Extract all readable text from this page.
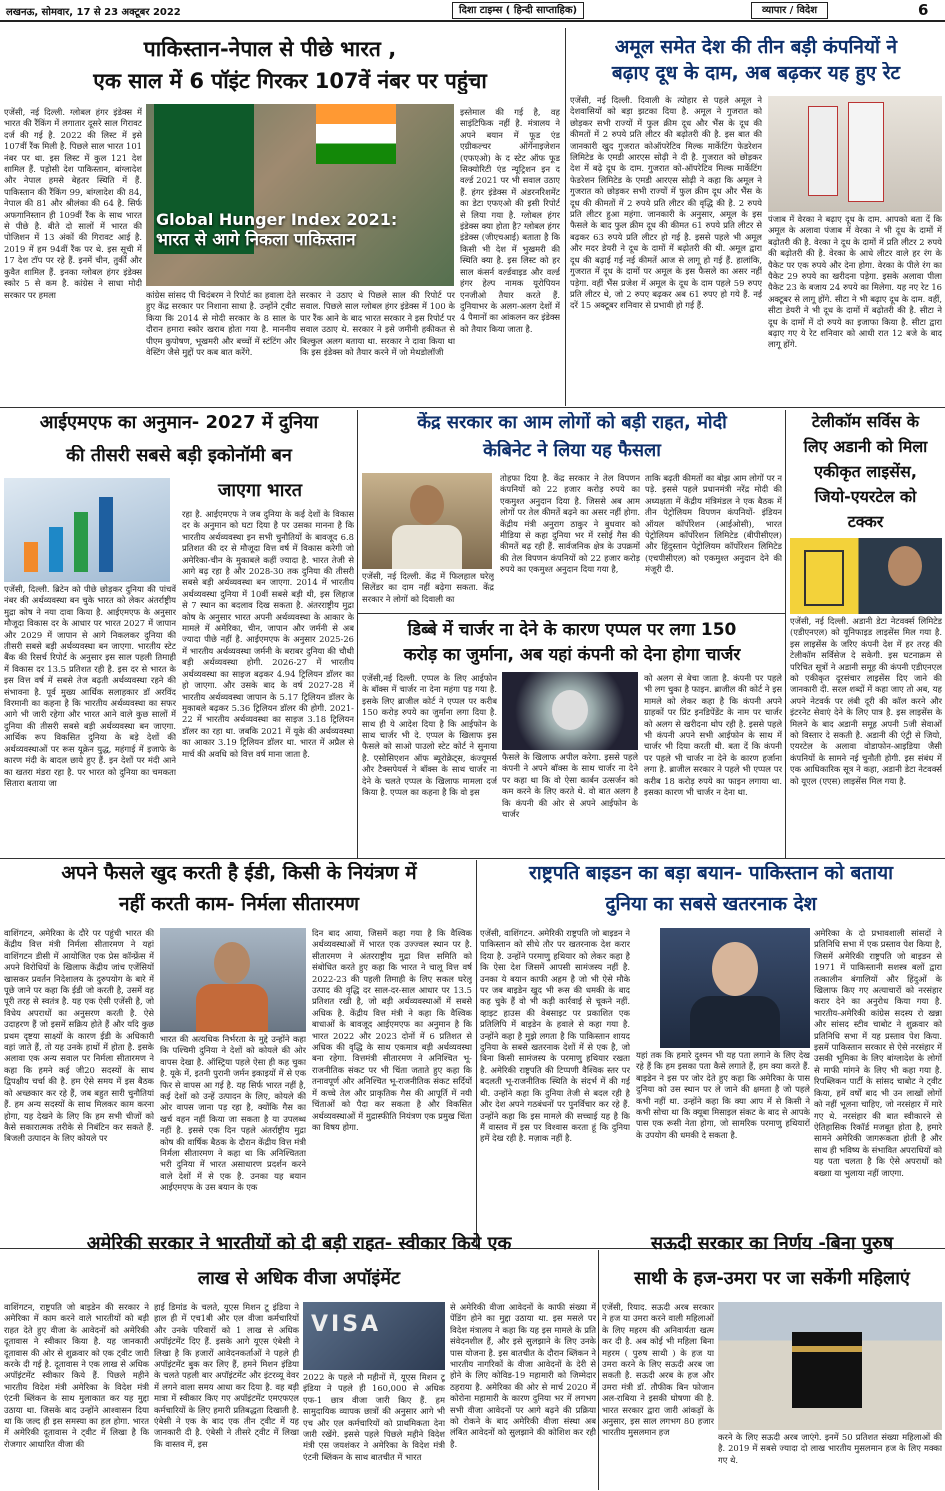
लखनऊ, सोमवार, 17 से 23 अक्टूबर 2022	दिशा टाइम्स ( हिन्दी साप्ताहिक)	व्यापार / विदेश	6
पाकिस्तान-नेपाल से पीछे भारत ,
एक साल में 6 पॉइंट गिरकर 107वें नंबर पर पहुंचा
एजेंसी, नई दिल्ली. ग्लोबल हंगर इंडेक्स में भारत की रैंकिंग में लगातार दूसरे साल गिरावट दर्ज की गई है. 2022 की लिस्ट में इसे 107वीं रैंक मिली है. पिछले साल भारत 101 नंबर पर था. इस लिस्ट में कुल 121 देश शामिल हैं. पड़ोसी देश पाकिस्तान, बांग्लादेश और नेपाल हमसे बेहतर स्थिति में हैं. पाकिस्तान की रैंकिंग 99, बांग्लादेश की 84, नेपाल की 81 और श्रीलंका की 64 है. सिर्फ अफगानिस्तान ही 109वीं रैंक के साथ भारत से पीछे है. बीते दो सालों में भारत की पोजिशन में 13 अंकों की गिरावट आई है. 2019 में हम 94वीं रैंक पर थे. इस सूची में 17 देश टॉप पर रहे हैं. इनमें चीन, तुर्की और कुवैत शामिल हैं. इनका ग्लोबल हंगर इंडेक्स स्कोर 5 से कम है. कांग्रेस ने साधा मोदी सरकार पर हमला
भारत से आगे निकला पाकिस्तान
Global Hunger Index 2021:
कांग्रेस सांसद पी चिदंबरम ने रिपोर्ट का हवाला देते हुए केंद्र सरकार पर निशाना साधा है. उन्होंने ट्वीट किया कि 2014 से मोदी सरकार के 8 साल के दौरान हमारा स्कोर खराब होता गया है. माननीय पीएम कुपोषण, भूखमरी और बच्चों में स्टंटिंग और वेस्टिंग जैसे मुद्दों पर कब बात करेंगे.
सरकार ने उठाए थे पिछले साल की रिपोर्ट पर सवाल. पिछले साल ग्लोबल हंगर इंडेक्स में 100 के पार रैंक आने के बाद भारत सरकार ने इस रिपोर्ट पर सवाल उठाए थे. सरकार ने इसे जमीनी हकीकत से बिल्कुल अलग बताया था. सरकार ने दावा किया था कि इस इंडेक्स को तैयार करने में जो मेथडोलॉजी
इस्तेमाल की गई है, वह साइंटिफिक नहीं है. मंत्रालय ने अपने बयान में फूड एंड एग्रीकल्चर ऑर्गेनाइजेशन (एफएओ) के द स्टेट ऑफ फूड सिक्योरिटी एंड न्यूट्रिशन इन द वर्ल्ड 2021 पर भी सवाल उठाए हैं. हंगर इंडेक्स में अंडरनरिशमेंट का डेटा एफएओ की इसी रिपोर्ट से लिया गया है. ग्लोबल हंगर इंडेक्स क्या होता है? ग्लोबल हंगर इंडेक्स (जीएचआई) बताता है कि किसी भी देश में भुखमरी की स्थिति क्या है. इस लिस्ट को हर साल कंसर्न वर्ल्डवाइड और वर्ल्ड हंगर हेल्प नामक यूरोपियन एनजीओ तैयार करते हैं. दुनियाभर के अलग-अलग देशों में 4 पैमानों का आंकलन कर इंडेक्स को तैयार किया जाता है.
अमूल समेत देश की तीन बड़ी कंपनियों ने
बढ़ाए दूध के दाम, अब बढ़कर यह हुए रेट
एजेंसी, नई दिल्ली. दिवाली के त्योहार से पहले अमूल ने देशवासियों को बड़ा झटका दिया है. अमूल ने गुजरात को छोड़कर सभी राज्यों में फुल क्रीम दूध और भैंस के दूध की कीमतों में 2 रुपये प्रति लीटर की बढ़ोतरी की है. इस बात की जानकारी खुद गुजरात कोऑपरेटिव मिल्क मार्केटिंग फेडरेशन लिमिटेड के एमडी आरएस सोढ़ी ने दी है. गुजरात को छोड़कर देश में बढ़े दूध के दाम. गुजरात को-ऑपरेटिव मिल्क मार्केटिंग फेडरेशन लिमिटेड के एमडी आरएस सोढ़ी ने कहा कि अमूल ने गुजरात को छोड़कर सभी राज्यों में फुल क्रीम दूध और भैंस के दूध की कीमतों में 2 रुपये प्रति लीटर की वृद्धि की है. 2 रुपये प्रति लीटर हुआ महंगा. जानकारी के अनुसार, अमूल के इस फैसले के बाद फुल क्रीम दूध की कीमत 61 रुपये प्रति लीटर से बढ़कर 63 रुपये प्रति लीटर हो गई है. इससे पहले भी अमूल और मदर डेयरी ने दूध के दामों में बढ़ोतरी की थी. अमूल द्वारा दूध की बढ़ाई गई नई कीमतें आज से लागू हो गई हैं. हालांकि, गुजरात में दूध के दामों पर अमूल के इस फैसले का असर नहीं पड़ेगा. वहीं भैंस प्रजेश में अमूल के दूध के दाम पहले 59 रुपए प्रति लीटर थे, जो 2 रुपए बढ़कर अब 61 रुपए हो गये हैं. नई दरें 15 अक्टूबर शनिवार से प्रभावी हो गई हैं.
पंजाब में वेरका ने बढ़ाए दूध के दाम. आपको बता दें कि अमूल के अलावा पंजाब में वेरका ने भी दूध के दामों में बढ़ोतरी की है. वेरका ने दूध के दामों में प्रति लीटर 2 रुपये की बढ़ोतरी की है. वेरका के आधे लीटर वाले हर रंग के पैकेट पर एक रुपये और देना होगा. वेरका के पीले रंग का पैकेट 29 रुपये का खरीदना पड़ेगा. इसके अलावा पीला पैकेट 23 के बजाय 24 रुपये का मिलेगा. यह नए रेट 16 अक्टूबर से लागू होंगे. सीटा ने भी बढ़ाए दूध के दाम. वहीं, सीटा डेयरी ने भी दूध के दामों में बढ़ोतरी की है. सीटा ने दूध के दामों में दो रुपये का इजाफा किया है. सीटा द्वारा बढ़ाए गए ये रेट शनिवार को आधी रात 12 बजे के बाद लागू होंगे.
आईएमएफ का अनुमान- 2027 में दुनिया
की तीसरी सबसे बड़ी इकोनॉमी बन
जाएगा भारत
एजेंसी, दिल्ली. ब्रिटेन को पीछे छोड़कर दुनिया की पांचवें नंबर की अर्थव्यवस्था बन चुके भारत को लेकर अंतर्राष्ट्रीय मुद्रा कोष ने नया दावा किया है. आईएमएफ के अनुसार मौजूदा विकास दर के आधार पर भारत 2027 में जापान और 2029 में जापान से आगे निकलकर दुनिया की तीसरी सबसे बड़ी अर्थव्यवस्था बन जाएगा. भारतीय स्टेट बैंक की रिसर्च रिपोर्ट के अनुसार इस साल पहली तिमाही में विकास दर 13.5 प्रतिशत रही है. इस दर से भारत के इस वित्त वर्ष में सबसे तेज बढ़ती अर्थव्यवस्था रहने की संभावना है. पूर्व मुख्य आर्थिक सलाहकार डॉ अरविंद विरमानी का कहना है कि भारतीय अर्थव्यवस्था का सफर आगे भी जारी रहेगा और भारत आने वाले कुछ सालों में दुनिया की तीसरी सबसे बड़ी अर्थव्यवस्था बन जाएगा. आर्थिक रूप विकसित दुनिया के बड़े देशों की अर्थव्यवस्थाओं पर रूस यूक्रेन युद्ध, महंगाई में इजाफे के कारण मंदी के बादल छाये हुए हैं. इन देशों पर मंदी आने का खतरा मंडरा रहा है. पर भारत को दुनिया का चमकता सितारा बताया जा
रहा है. आईएमएफ ने जब दुनिया के कई देशों के विकास दर के अनुमान को घटा दिया है पर उसका मानना है कि भारतीय अर्थव्यवस्था इन सभी चुनौतियों के बावजूद 6.8 प्रतिशत की दर से मौजूदा वित्त वर्ष में विकास करेगी जो अमेरिका-चीन के मुकाबले कहीं ज्यादा है. भारत तेजी से आगे बढ़ रहा है और 2028-30 तक दुनिया की तीसरी सबसे बड़ी अर्थव्यवस्था बन जाएगा. 2014 में भारतीय अर्थव्यवस्था दुनिया में 10वीं सबसे बड़ी थी, इस लिहाज से 7 स्थान का बदलाव दिख सकता है. अंतरराष्ट्रीय मुद्रा कोष के अनुसार भारत अपनी अर्थव्यवस्था के आकार के मामले में अमेरिका, चीन, जापान और जर्मनी से अब ज्यादा पीछे नहीं है. आईएमएफ के अनुसार 2025-26 में भारतीय अर्थव्यवस्था जर्मनी के बराबर दुनिया की चौथी बड़ी अर्थव्यवस्था होगी. 2026-27 में भारतीय अर्थव्यवस्था का साइज बढ़कर 4.94 ट्रिलियन डॉलर का हो जाएगा. और उसके बाद के वर्ष 2027-28 में भारतीय अर्थव्यवस्था जापान के 5.17 ट्रिलियन डॉलर के मुकाबले बढ़कर 5.36 ट्रिलियन डॉलर की होगी. 2021-22 में भारतीय अर्थव्यवस्था का साइज 3.18 ट्रिलियन डॉलर का रहा था. जबकि 2021 में यूके की अर्थव्यवस्था का आकार 3.19 ट्रिलियन डॉलर था. भारत में अप्रैल से मार्च की अवधि को वित्त वर्ष माना जाता है.
केंद्र सरकार का आम लोगों को बड़ी राहत, मोदी
केबिनेट ने लिया यह फैसला
एजेंसी, नई दिल्ली. केंद्र में फिलहाल घरेलू सिलेंडर का दाम नहीं बढ़ेगा सकता. केंद्र सरकार ने लोगों को दिवाली का
तोहफा दिया है. केंद्र सरकार ने तेल विपणन कंपनियों को 22 हजार करोड़ रुपये का एकमुश्त अनुदान दिया है. जिससे अब आम लोगों पर तेल कीमतें बढ़ने का असर नहीं होगा. केंद्रीय मंत्री अनुराग ठाकुर ने बुधवार को मीडिया से कहा दुनिया भर में रसोई गैस की कीमतें बढ़ रही हैं. सार्वजनिक क्षेत्र के उपक्रमों की तेल विपणन कंपनियों को 22 हजार करोड़ रुपये का एकमुश्त अनुदान दिया गया है,
ताकि बढ़ती कीमतों का बोझ आम लोगों पर न पड़े. इससे पहले प्रधानमंत्री नरेंद्र मोदी की अध्यक्षता में केंद्रीय मंत्रिमंडल ने एक बैठक में तीन पेट्रोलियम विपणन कंपनियों- इंडियन ऑयल कॉर्पोरेशन (आईओसी), भारत पेट्रोलियम कॉर्पोरेशन लिमिटेड (बीपीसीएल) और हिंदुस्तान पेट्रोलियम कॉर्पोरेशन लिमिटेड (एचपीसीएल) को एकमुश्त अनुदान देने की मंजूरी दी.
टेलीकॉम सर्विस के
लिए अडानी को मिला
एकीकृत लाइसेंस,
जियो-एयरटेल को
टक्कर
एजेंसी, नई दिल्ली. अडानी डेटा नेटवर्क्स लिमिटेड (एडीएनएल) को यूनिफाइड लाइसेंस मिल गया है. इस लाइसेंस के जरिए कंपनी देश में हर तरह की टेलीकॉम सर्विसेज दे सकेगी. इस घटनाक्रम से परिचित सूत्रों ने अडानी समूह की कंपनी एडीएनएल को एकीकृत दूरसंचार लाइसेंस दिए जाने की जानकारी दी. सरल शब्दों में कहा जाए तो अब, यह अपने नेटवर्क पर लंबी दूरी की कॉल करने और इंटरनेट सेवाएं देने के लिए पात्र है. इस लाइसेंस के मिलने के बाद अडानी समूह अपनी 5जी सेवाओं को विस्तार दे सकती है. अडानी की एंट्री से जियो, एयरटेल के अलावा वोडाफोन-आइडिया जैसी कंपनियों के सामने नई चुनौती होगी. इस संबंध में एक आधिकारिक सूत्र ने कहा, अडानी डेटा नेटवर्क्स को यूएल (एएस) लाइसेंस मिल गया है.
डिब्बे में चार्जर ना देने के कारण एप्पल पर लगा 150
करोड़ का जुर्माना, अब यहां कंपनी को देना होगा चार्जर
एजेंसी,नई दिल्ली. एप्पल के लिए आईफोन के बॉक्स में चार्जर ना देना महंगा पड़ गया है. इसके लिए ब्राजील कोर्ट ने एप्पल पर करीब 150 करोड़ रुपये का जुर्माना लगा दिया है. साथ ही ये आदेश दिया है कि आईफोन के साथ चार्जर भी दे. एप्पल के खिलाफ इस फैसले को साओ पाउलो स्टेट कोर्ट ने सुनाया है. एसोसिएशन ऑफ ब्यूरोक्रेट्स, कंज्यूमर्स और टैक्सपेयर्स ने बॉक्स के साथ चार्जर ना देने के चलते एप्पल के खिलाफ मामला दर्ज किया है. एप्पल का कहना है कि वो इस
फैसले के खिलाफ अपील करेगा. इससे पहले कंपनी ने अपने बॉक्स के साथ चार्जर ना देने पर कहा था कि वो ऐसा कार्बन उत्सर्जन को कम करने के लिए करते थे. वो बात अलग है कि कंपनी की ओर से अपने आईफोन के चार्जर
को अलग से बेचा जाता है. कंपनी पर पहले भी लग चुका है फाइन. ब्राजील की कोर्ट ने इस मामले को लेकर कहा है कि कंपनी अपने ग्राहकों पर प्रिंट इनडिपेंडेंट के नाम पर चार्जर को अलग से खरीदना थोप रही है. इससे पहले भी कंपनी अपने सभी आईफोन के साथ में चार्जर भी दिया करती थी. बता दें कि कंपनी पर पहले भी चार्जर ना देने के कारण हर्जाना लगा है. ब्राजील सरकार ने पहले भी एप्पल पर करीब 18 करोड़ रुपये का फाइन लगाया था. इसका कारण भी चार्जर न देना था.
अपने फैसले खुद करती है ईडी, किसी के नियंत्रण में
नहीं करती काम- निर्मला सीतारमण
वाशिंगटन, अमेरिका के दौरे पर पहुंची भारत की केंद्रीय वित्त मंत्री निर्मला सीतारमण ने यहां वाशिंगटन डीसी में आयोजित एक प्रेस कॉन्फ्रेंस में अपने विरोधियों के खिलाफ केंद्रीय जांच एजेंसियों खासकर प्रवर्तन निदेशालय के दुरुपयोग के बारे में पूछे जाने पर कहा कि ईडी जो करती है, उसमें वह पूरी तरह से स्वतंत्र है. यह एक ऐसी एजेंसी है, जो विधेय अपराधों का अनुसरण करती है. ऐसे उदाहरण हैं जो इसमें सक्रिय होते हैं और यदि कुछ प्रथम दृष्टया साक्ष्यों के कारण ईडी के अधिकारी वहां जाते हैं, तो यह उनके हाथों में होता है. इसके अलावा एक अन्य सवाल पर निर्मला सीतारमण ने कहा कि हमने कई जी20 सदस्यों के साथ द्विपक्षीय चर्चा की है. हम ऐसे समय में इस बैठक को अच्छकार कर रहे हैं, जब बहुत सारी चुनौतियां हैं. हम अन्य सदस्यों के साथ मिलकर काम करना होगा, यह देखने के लिए कि हम सभी चीजों को कैसे सकारात्मक तरीके से निबंटिन कर सकते हैं. बिजली उत्पादन के लिए कोयले पर
भारत की अत्यधिक निर्भरता के मुद्दे उन्होंने कहा कि पश्चिमी दुनिया ने देशों को कोयले की ओर वापस देखा है. ऑस्ट्रिया पहले ऐसा ही कह चुका है. यूके में, इतनी पुरानी जर्मन इकाइयों में से एक फिर से वापस आ गई है. यह सिर्फ भारत नहीं है, कई देशों को उन्हें उत्पादन के लिए, कोयले की ओर वापस जाना पड़ रहा है, क्योंकि गैस का खर्च वहन नहीं किया जा सकता है या उपलब्ध नहीं है. इससे एक दिन पहले अंतर्राष्ट्रीय मुद्रा कोष की वार्षिक बैठक के दौरान केंद्रीय वित्त मंत्री निर्मला सीतारमण ने कहा था कि अनिश्चितता भरी दुनिया में भारत असाधारण प्रदर्शन करने वाले देशों में से एक है. उनका यह बयान आईएमएफ के उस बयान के एक
दिन बाद आया, जिसमें कहा गया है कि वैश्विक अर्थव्यवस्थाओं में भारत एक उज्ज्वल स्थान पर है. सीतारमण ने अंतरराष्ट्रीय मुद्रा वित्त समिति को संबोधित करते हुए कहा कि भारत ने चालू वित्त वर्ष 2022-23 की पहली तिमाही के लिए सकल घरेलू उत्पाद की वृद्धि दर साल-दर-साल आधार पर 13.5 प्रतिशत रखी है, जो बड़ी अर्थव्यवस्थाओं में सबसे अधिक है. केंद्रीय वित्त मंत्री ने कहा कि वैश्विक बाधाओं के बावजूद आईएमएफ का अनुमान है कि भारत 2022 और 2023 दोनों में 6 प्रतिशत से अधिक की वृद्धि के साथ एकमात्र बड़ी अर्थव्यवस्था बना रहेगा. वित्तमंत्री सीतारमण ने अनिश्चित भू-राजनीतिक संकट पर भी चिंता जताते हुए कहा कि तनावपूर्ण और अनिश्चित भू-राजनीतिक संकट सर्दियों में कच्चे तेल और प्राकृतिक गैस की आपूर्ति में नयी चिंताओं को पैदा कर सकता है और विकसित अर्थव्यवस्थाओं में मुद्रास्फीति नियंत्रण एक प्रमुख चिंता का विषय होगा.
राष्ट्रपति बाइडन का बड़ा बयान- पाकिस्तान को बताया
दुनिया का सबसे खतरनाक देश
एजेंसी, वाशिंगटन. अमेरिकी राष्ट्रपति जो बाइडन ने पाकिस्तान को सीधे तौर पर खतरनाक देश करार दिया है. उन्होंने परमाणु हथियार को लेकर कहा है कि ऐसा देश जिसमें आपसी सामंजस्य नहीं है. उनका ये बयान काफी अहम है जो भी ऐसे मौके पर जब बाइडेन खुद भी रूस की धमकी के बाद कह चुके हैं वो भी कड़ी कार्रवाई से चूकने नहीं. व्हाइट हाउस की वेबसाइट पर प्रकाशित एक प्रतिलिपि में बाइडेन के हवाले से कहा गया है. उन्होंने कहा है मुझे लगता है कि पाकिस्तान शायद दुनिया के सबसे खतरनाक देशों में से एक है, जो बिना किसी सामंजस्य के परमाणु हथियार रखता है. अमेरिकी राष्ट्रपति की टिप्पणी वैश्विक स्तर पर बदलती भू-राजनीतिक स्थिति के संदर्भ में की गई थी. उन्होंने कहा कि दुनिया तेजी से बदल रही है और देश अपने गठबंधनों पर पुनर्विचार कर रहे हैं. उन्होंने कहा कि इस मामले की सच्चाई यह है कि मैं वास्तव में इस पर विश्वास करता हूं कि दुनिया हमें देख रही है. मज़ाक नहीं है.
यहां तक कि हमारे दुश्मन भी यह पता लगाने के लिए देख रहे हैं कि हम इसका पता कैसे लगाते हैं, हम क्या करते हैं. बाइडेन ने इस पर जोर देते हुए कहा कि अमेरिका के पास दुनिया को उस स्थान पर ले जाने की क्षमता है जो पहले कभी नहीं था. उन्होंने कहा कि क्या आप में से किसी ने कभी सोचा था कि क्यूबा मिसाइल संकट के बाद से आपके पास एक रूसी नेता होगा, जो सामरिक परमाणु हथियारों के उपयोग की धमकी दे सकता है.
अमेरिका के दो प्रभावशाली सांसदों ने प्रतिनिधि सभा में एक प्रस्ताव पेश किया है, जिसमें अमेरिकी राष्ट्रपति जो बाइडन से 1971 में पाकिस्तानी सशस्त्र बलों द्वारा तत्कालीन बंगालियों और हिंदुओं के खिलाफ किए गए अत्याचारों को नरसंहार करार देने का अनुरोध किया गया है. भारतीय-अमेरिकी कांग्रेस सदस्य रो खन्ना और सांसद स्टीव चाबोट ने शुक्रवार को प्रतिनिधि सभा में यह प्रस्ताव पेश किया. इसमें पाकिस्तान सरकार से ऐसे नरसंहार में उसकी भूमिका के लिए बांग्लादेश के लोगों से माफी मांगने के लिए भी कहा गया है. रिपब्लिकन पार्टी के सांसद चाबोट ने ट्वीट किया, हमें वर्षों बाद भी उन लाखों लोगों को नहीं भूलना चाहिए, जो नरसंहार में मारे गए थे. नरसंहार की बात स्वीकारने से ऐतिहासिक रिकॉर्ड मजबूत होता है, हमारे सामने अमेरिकी जागरूकता होती है और साथ ही भविष्य के संभावित अपराधियों को यह पता चलता है कि ऐसे अपराधों को बख्शा या भुलाया नहीं जाएगा.
अमेरिकी सरकार ने भारतीयों को दी बड़ी राहत- स्वीकार किये एक
लाख से अधिक वीजा अपॉइंमेंट
वाशिंगटन, राष्ट्रपति जो बाइडेन की सरकार ने अमेरिका में काम करने वाले भारतीयों को बड़ी राहत देते हुए वीजा के आवेदनों को अमेरिकी दूतावास ने स्वीकार किया है. यह जानकारी दूतावास की ओर से शुक्रवार को एक ट्वीट जारी करके दी गई है. दूतावास ने एक लाख से अधिक अपॉइंटमेंट स्वीकार किये हैं. पिछले महीने भारतीय विदेश मंत्री अमेरिका के विदेश मंत्री एंटनी ब्लिंकन के साथ मुलाकात कर यह मुद्दा उठाया था. जिसके बाद उन्होंने आश्वासन दिया था कि जल्द ही इस समस्या का हल होगा. भारत में अमेरिकी दूतावास ने ट्वीट में लिखा है कि रोजगार आधारित वीजा की
हाई डिमांड के चलते, यूएस मिशन टू इंडिया ने हाल ही में एच1बी और एल वीजा कर्मचारियों और उनके परिवारों को 1 लाख से अधिक अपॉइंटमेंट दिए हैं. इसके आगे यूएस एंबेसी ने लिखा है कि हजारों आवेदनकर्ताओं ने पहले ही अपॉइंटमेंट बुक कर लिए हैं, हमने मिशन इंडिया के चलते पहली बार अपॉइंटमेंट और इंटरव्यू वेवर में लगने वाला समय आधा कर दिया है. वह बड़ी मात्रा में स्वीकार किए गए अपॉइंटमेंट एमएफएल कर्मचारियों के लिए हमारी प्रतिबद्धता दिखाती है. एंबेसी ने एक के बाद एक तीन ट्वीट में यह जानकारी दी है. एंबेसी ने तीसरे ट्वीट में लिखा कि वास्तव में, इस
VISA
2022 के पहले नौ महीनों में, यूएस मिशन टू इंडिया ने पहले ही 160,000 से अधिक एफ-1 छात्र वीजा जारी किए हैं. हम सामुदायिक व्यापक छात्रों की अनुसार आगे भी एच और एल कर्मचारियों को प्राथमिकता देना जारी रखेंगे. इससे पहले पिछले महीने विदेश मंत्री एस जयशंकर ने अमेरिका के विदेश मंत्री एंटनी ब्लिंकन के साथ बातचीत में भारत
से अमेरिकी वीजा आवेदनों के काफी संख्या में पेंडिंग होने का मुद्दा उठाया था. इस मसले पर विदेश मंत्रालय ने कहा कि यह इस मामले के प्रति संवेदनशील हैं, और इसे सुलझाने के लिए उनके पास योजना है. इस बातचीत के दौरान ब्लिंकन ने भारतीय नागरिकों के वीजा आवेदनों के देरी से होने के लिए कोविड-19 महामारी को जिम्मेदार ठहराया है. अमेरिका की ओर से मार्च 2020 में कोरोना महामारी के कारण दुनिया भर में लगभग सभी वीजा आवेदनों पर आगे बढ़ने की प्रक्रिया को रोकने के बाद अमेरिकी वीजा संस्था अब लंबित आवेदनों को सुलझाने की कोशिश कर रही है.
सऊदी सरकार का निर्णय -बिना पुरुष
साथी के हज-उमरा पर जा सकेंगी महिलाएं
एजेंसी, रियाद. सऊदी अरब सरकार ने हज या उमरा करने वाली महिलाओं के लिए महरम की अनिवार्यता खत्म कर दी है. अब कोई भी महिला बिना महरम ( पुरुष साथी ) के हज या उमरा करने के लिए सऊदी अरब जा सकती है. सऊदी अरब के हज और उमरा मंत्री डॉ. तौफीक बिन फोजान अल-राबिया ने इसकी घोषणा की है. भारत सरकार द्वारा जारी आंकड़ों के अनुसार, इस साल लगभग 80 हजार भारतीय मुसलमान हज	करने के लिए सऊदी अरब जाएंगे. इनमें 50 प्रतिशत संख्या महिलाओं की है. 2019 में सबसे ज्यादा दो लाख भारतीय मुसलमान हज के लिए मक्का गए थे.
